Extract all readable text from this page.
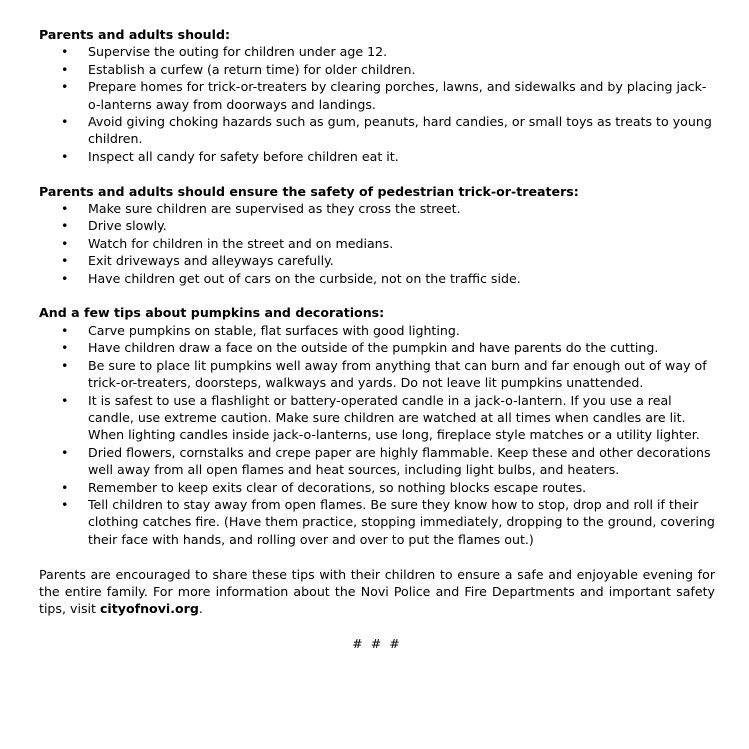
Parents and adults should:

• Supervise the outing for children under age 12.
• Establish a curfew (a return time) for older children.
• Prepare homes for trick-or-treaters by clearing porches, lawns, and sidewalks and by placing jack-o-lanterns away from doorways and landings.
• Avoid giving choking hazards such as gum, peanuts, hard candies, or small toys as treats to young children.
• Inspect all candy for safety before children eat it.

Parents and adults should ensure the safety of pedestrian trick-or-treaters:

• Make sure children are supervised as they cross the street.
• Drive slowly.
• Watch for children in the street and on medians.
• Exit driveways and alleyways carefully.
• Have children get out of cars on the curbside, not on the traffic side.

And a few tips about pumpkins and decorations:

• Carve pumpkins on stable, flat surfaces with good lighting.
• Have children draw a face on the outside of the pumpkin and have parents do the cutting.
• Be sure to place lit pumpkins well away from anything that can burn and far enough out of way of trick-or-treaters, doorsteps, walkways and yards. Do not leave lit pumpkins unattended.
• It is safest to use a flashlight or battery-operated candle in a jack-o-lantern. If you use a real candle, use extreme caution. Make sure children are watched at all times when candles are lit. When lighting candles inside jack-o-lanterns, use long, fireplace style matches or a utility lighter.
• Dried flowers, cornstalks and crepe paper are highly flammable. Keep these and other decorations well away from all open flames and heat sources, including light bulbs, and heaters.
• Remember to keep exits clear of decorations, so nothing blocks escape routes.
• Tell children to stay away from open flames. Be sure they know how to stop, drop and roll if their clothing catches fire. (Have them practice, stopping immediately, dropping to the ground, covering their face with hands, and rolling over and over to put the flames out.)

Parents are encouraged to share these tips with their children to ensure a safe and enjoyable evening for the entire family. For more information about the Novi Police and Fire Departments and important safety tips, visit cityofnovi.org.

# # #
